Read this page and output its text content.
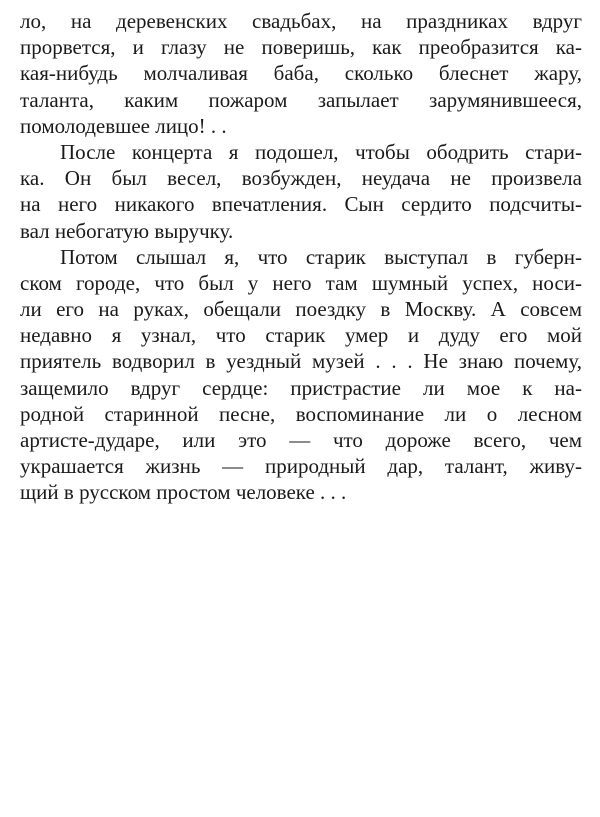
ло, на деревенских свадьбах, на праздниках вдруг
прорвется, и глазу не поверишь, как преобразится ка-
кая-нибудь молчаливая баба, сколько блеснет жару,
таланта, каким пожаром запылает зарумянившееся,
помолодевшее лицо! . .
После концерта я подошел, чтобы ободрить стари-
ка. Он был весел, возбужден, неудача не произвела
на него никакого впечатления. Сын сердито подсчиты-
вал небогатую выручку.
Потом слышал я, что старик выступал в губерн-
ском городе, что был у него там шумный успех, носи-
ли его на руках, обещали поездку в Москву. А совсем
недавно я узнал, что старик умер и дуду его мой
приятель водворил в уездный музей . . . Не знаю почему,
защемило вдруг сердце: пристрастие ли мое к на-
родной старинной песне, воспоминание ли о лесном
артисте-дударе, или это — что дороже всего, чем
украшается жизнь — природный дар, талант, живу-
щий в русском простом человеке . . .
